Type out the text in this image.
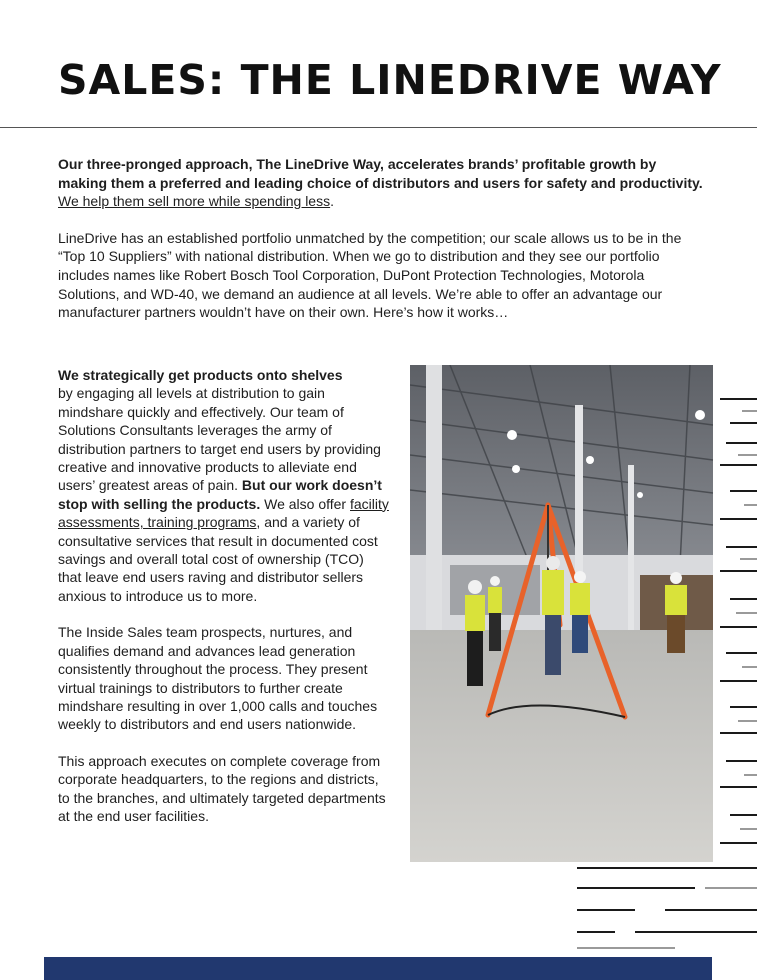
SALES: THE LINEDRIVE WAY

Our three-pronged approach, The LineDrive Way, accelerates brands’ profitable growth by making them a preferred and leading choice of distributors and users for safety and productivity. We help them sell more while spending less.

LineDrive has an established portfolio unmatched by the competition; our scale allows us to be in the “Top 10 Suppliers” with national distribution. When we go to distribution and they see our portfolio includes names like Robert Bosch Tool Corporation, DuPont Protection Technologies, Motorola Solutions, and WD-40, we demand an audience at all levels. We’re able to offer an advantage our manufacturer partners wouldn’t have on their own. Here’s how it works…

We strategically get products onto shelves
by engaging all levels at distribution to gain mindshare quickly and effectively. Our team of Solutions Consultants leverages the army of distribution partners to target end users by providing creative and innovative products to alleviate end users’ greatest areas of pain. But our work doesn’t stop with selling the products. We also offer facility assessments, training programs, and a variety of consultative services that result in documented cost savings and overall total cost of ownership (TCO) that leave end users raving and distributor sellers anxious to introduce us to more.

The Inside Sales team prospects, nurtures, and qualifies demand and advances lead generation consistently throughout the process. They present virtual trainings to distributors to further create mindshare resulting in over 1,000 calls and touches weekly to distributors and end users nationwide.

This approach executes on complete coverage from corporate headquarters, to the regions and districts, to the branches, and ultimately targeted departments at the end user facilities.
